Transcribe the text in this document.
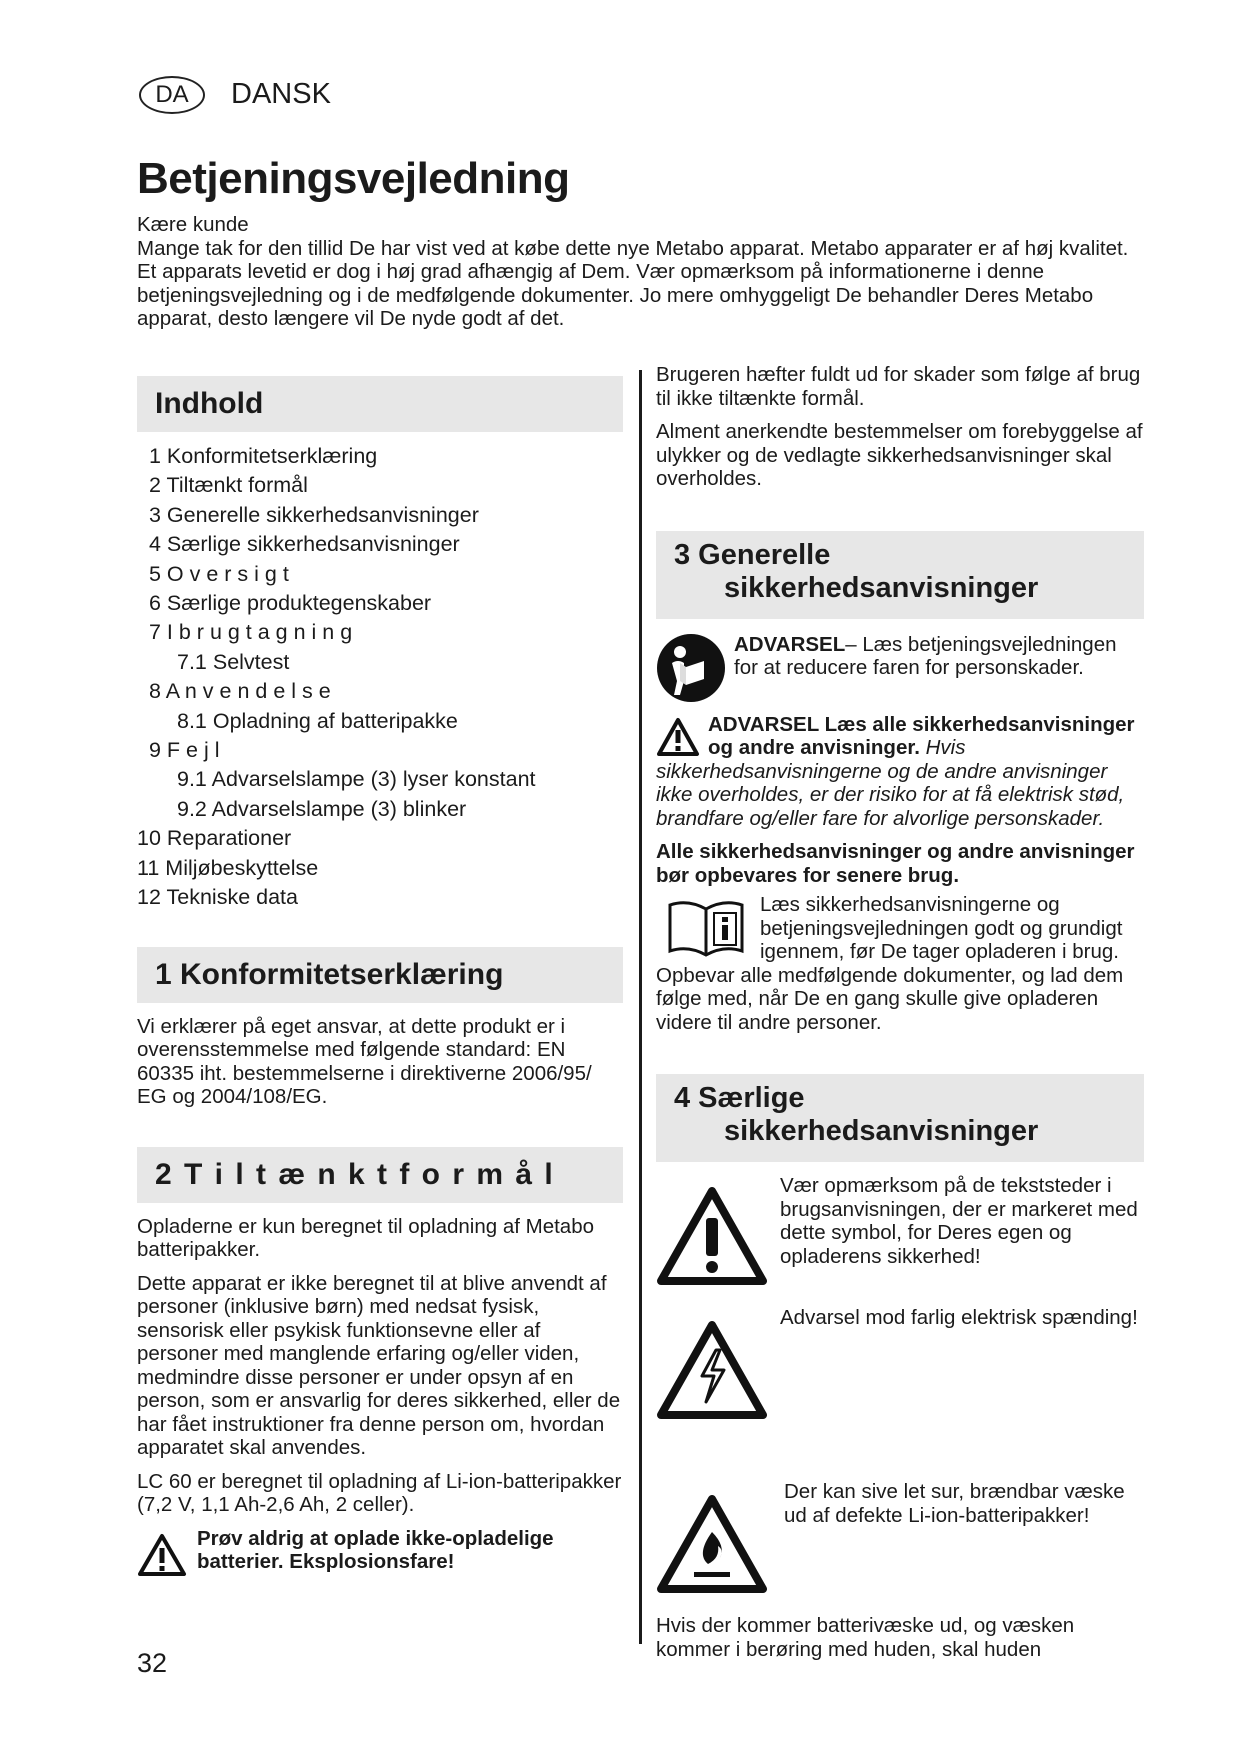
DA	DANSK
Betjeningsvejledning

Kære kunde

Mange tak for den tillid De har vist ved at købe dette nye Metabo apparat. Metabo apparater er af høj kvalitet. Et apparats levetid er dog i høj grad afhængig af Dem. Vær opmærksom på informationerne i denne betjeningsvejledning og i de medfølgende dokumenter. Jo mere omhyggeligt De behandler Deres Metabo apparat, desto længere vil De nyde godt af det.

Indhold
1 Konformitetserklæring
2 Tiltænkt formål
3 Generelle sikkerhedsanvisninger
4 Særlige sikkerhedsanvisninger
5 O v e r s i g t
6 Særlige produktegenskaber
7 I b r u g t a g n i n g
7.1 Selvtest
8 A n v e n d e l s e
8.1 Opladning af batteripakke
9 F e j l
9.1 Advarselslampe (3) lyser konstant
9.2 Advarselslampe (3) blinker
10 Reparationer
11 Miljøbeskyttelse
12 Tekniske data
1 Konformitetserklæring

Vi erklærer på eget ansvar, at dette produkt er i overensstemmelse med følgende standard: EN 60335 iht. bestemmelserne i direktiverne 2006/95/ EG og 2004/108/EG.

2 T i l t æ n k t f o r m å l

Opladerne er kun beregnet til opladning af Metabo batteripakker.

Dette apparat er ikke beregnet til at blive anvendt af personer (inklusive børn) med nedsat fysisk, sensorisk eller psykisk funktionsevne eller af personer med manglende erfaring og/eller viden, medmindre disse personer er under opsyn af en person, som er ansvarlig for deres sikkerhed, eller de har fået instruktioner fra denne person om, hvordan apparatet skal anvendes.

LC 60 er beregnet til opladning af Li-ion-batteripakker (7,2 V, 1,1 Ah-2,6 Ah, 2 celler).

Prøv aldrig at oplade ikke-opladelige batterier. Eksplosionsfare!

Brugeren hæfter fuldt ud for skader som følge af brug til ikke tiltænkte formål.

Alment anerkendte bestemmelser om forebyggelse af ulykker og de vedlagte sikkerhedsanvisninger skal overholdes.

3 Generelle
sikkerhedsanvisninger

ADVARSEL– Læs betjeningsvejledningen for at reducere faren for personskader.

ADVARSEL Læs alle sikkerhedsanvisninger og andre anvisninger. Hvis sikkerhedsanvisningerne og de andre anvisninger ikke overholdes, er der risiko for at få elektrisk stød, brandfare og/eller fare for alvorlige personskader.

Alle sikkerhedsanvisninger og andre anvisninger bør opbevares for senere brug.

Læs sikkerhedsanvisningerne og betjeningsvejledningen godt og grundigt igennem, før De tager opladeren i brug. Opbevar alle medfølgende dokumenter, og lad dem følge med, når De en gang skulle give opladeren videre til andre personer.

4 Særlige
sikkerhedsanvisninger

Vær opmærksom på de tekststeder i brugsanvisningen, der er markeret med dette symbol, for Deres egen og opladerens sikkerhed!

Advarsel mod farlig elektrisk spænding!

Der kan sive let sur, brændbar væske ud af defekte Li-ion-batteripakker!

Hvis der kommer batterivæske ud, og væsken kommer i berøring med huden, skal huden

32
